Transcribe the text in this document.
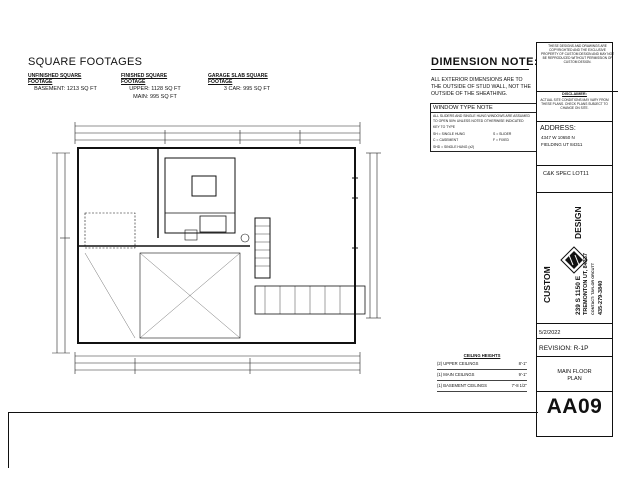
SQUARE FOOTAGES
UNFINISHED SQUARE FOOTAGE
BASEMENT: 1213 SQ FT
FINISHED SQUARE FOOTAGE
UPPER: 1128 SQ FT
MAIN: 995 SQ FT
GARAGE SLAB SQUARE FOOTAGE
3 CAR: 995 SQ FT
DIMENSION NOTE:
ALL EXTERIOR DIMENSIONS ARE TO THE OUTSIDE OF STUD WALL, NOT THE OUTSIDE OF THE SHEATHING.
WINDOW TYPE NOTE
ALL SLIDERS AND SINGLE HUNG WINDOWS ARE ASSUMED TO OPEN 50% UNLESS NOTED OTHERWISE INDICATED
KEY TO TYPE
SH = SINGLE HUNG
C = CASEMENT
SHD = SINGLE HUNG (x2)
S = SLIDER
F = FIXED
CEILING HEIGHTS
(2) UPPER CEILINGS	8'-1"
(1) MAIN CEILINGS	9'-1"
(1) BASEMENT CEILINGS	7'-8 1/2"
THESE DESIGNS AND DRAWINGS ARE COPYRIGHTED AND THE EXCLUSIVE PROPERTY OF CUSTOM DESIGN AND MAY NOT BE REPRODUCED WITHOUT PERMISSION OF CUSTOM DESIGN.
DISCLAIMER:
ACTUAL SITE CONDITIONS MAY VARY FROM THESE PLANS. CHECK PLANS SUBJECT TO CHANGE ON SITE.
ADDRESS:
4347 W 10650 N
FIELDING UT 84311
C&K SPEC LOT11
CUSTOM
DESIGN
239 S 1150 E TREMONTON UT, 84337 CONTACT: TAYLOR ORCUTT 435-279-3840
5/2/2022
REVISION: R-1P
MAIN FLOOR PLAN
AA09
